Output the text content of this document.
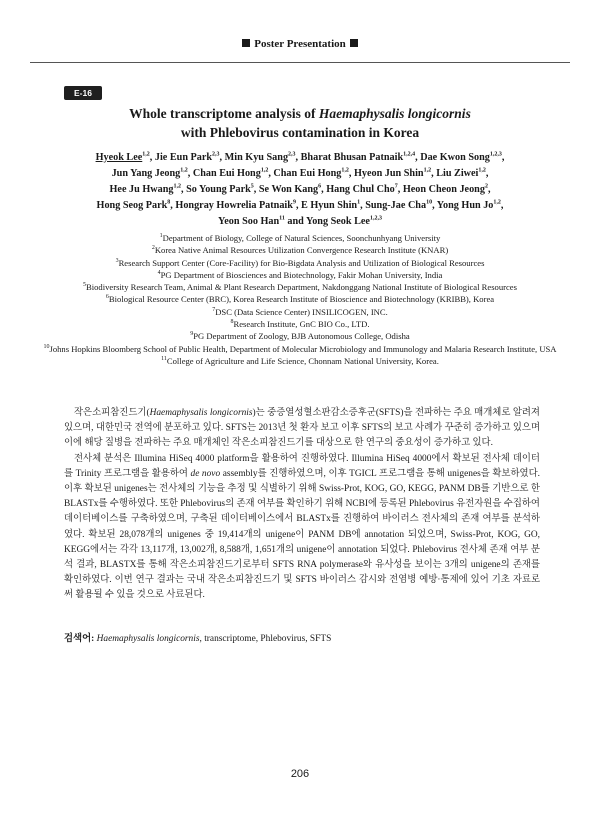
Poster Presentation
E-16
Whole transcriptome analysis of Haemaphysalis longicornis
with Phlebovirus contamination in Korea
Hyeok Lee$^{1,2}$, Jie Eun Park$^{2,3}$, Min Kyu Sang$^{2,3}$, Bharat Bhusan Patnaik$^{1,2,4}$, Dae Kwon Song$^{1,2,3}$,
Jun Yang Jeong$^{1,2}$, Chan Eui Hong$^{1,2}$, Chan Eui Hong$^{1,2}$, Hyeon Jun Shin$^{1,2}$, Liu Ziwei$^{1,2}$,
Hee Ju Hwang$^{1,2}$, So Young Park$^5$, Se Won Kang$^6$, Hang Chul Cho$^7$, Heon Cheon Jeong$^2$,
Hong Seog Park$^8$, Hongray Howrelia Patnaik$^9$, E Hyun Shin$^1$, Sung-Jae Cha$^{10}$, Yong Hun Jo$^{1,2}$,
Yeon Soo Han$^{11}$ and Yong Seok Lee$^{1,2,3}$
$^1$Department of Biology, College of Natural Sciences, Soonchunhyang University
$^2$Korea Native Animal Resources Utilization Convergence Research Institute (KNAR)
$^3$Research Support Center (Core-Facility) for Bio-Bigdata Analysis and Utilization of Biological Resources
$^4$PG Department of Biosciences and Biotechnology, Fakir Mohan University, India
$^5$Biodiversity Research Team, Animal & Plant Research Department, Nakdonggang National Institute of Biological Resources
$^6$Biological Resource Center (BRC), Korea Research Institute of Bioscience and Biotechnology (KRIBB), Korea
$^7$DSC (Data Science Center) INSILICOGEN, INC.
$^8$Research Institute, GnC BIO Co., LTD.
$^9$PG Department of Zoology, BJB Autonomous College, Odisha
$^{10}$Johns Hopkins Bloomberg School of Public Health, Department of Molecular Microbiology and Immunology and Malaria Research Institute, USA
$^{11}$College of Agriculture and Life Science, Chonnam National University, Korea.

작은소피참진드기(Haemaphysalis longicornis)는 중증열성혈소판감소증후군(SFTS)을 전파하는 주요 매개체로 알려져 있으며, 대한민국 전역에 분포하고 있다. SFTS는 2013년 첫 환자 보고 이후 SFTS의 보고 사례가 꾸준히 증가하고 있으며 이에 해당 질병을 전파하는 주요 매개체인 작은소피참진드기를 대상으로 한 연구의 중요성이 증가하고 있다.

전사체 분석은 Illumina HiSeq 4000 platform을 활용하여 진행하였다. Illumina HiSeq 4000에서 확보된 전사체 데이터를 Trinity 프로그램을 활용하여 de novo assembly를 진행하였으며, 이후 TGICL 프로그램을 통해 unigenes을 확보하였다. 이후 확보된 unigenes는 전사체의 기능을 추정 및 식별하기 위해 Swiss-Prot, KOG, GO, KEGG, PANM DB를 기반으로 한 BLASTx를 수행하였다. 또한 Phlebovirus의 존재 여부를 확인하기 위해 NCBI에 등록된 Phlebovirus 유전자원을 수집하여 데이터베이스를 구축하였으며, 구축된 데이터베이스에서 BLASTx를 진행하여 바이러스 전사체의 존재 여부를 분석하였다. 확보된 28,078개의 unigenes 중 19,414개의 unigene이 PANM DB에 annotation 되었으며, Swiss-Prot, KOG, GO, KEGG에서는 각각 13,117개, 13,002개, 8,588개, 1,651개의 unigene이 annotation 되었다. Phlebovirus 전사체 존재 여부 분석 결과, BLASTX를 통해 작은소피참진드기로부터 SFTS RNA polymerase와 유사성을 보이는 3개의 unigene의 존재를 확인하였다. 이번 연구 결과는 국내 작은소피참진드기 및 SFTS 바이러스 감시와 전염병 예방·통제에 있어 기초 자료로써 활용될 수 있을 것으로 사료된다.

검색어: Haemaphysalis longicornis, transcriptome, Phlebovirus, SFTS
206
